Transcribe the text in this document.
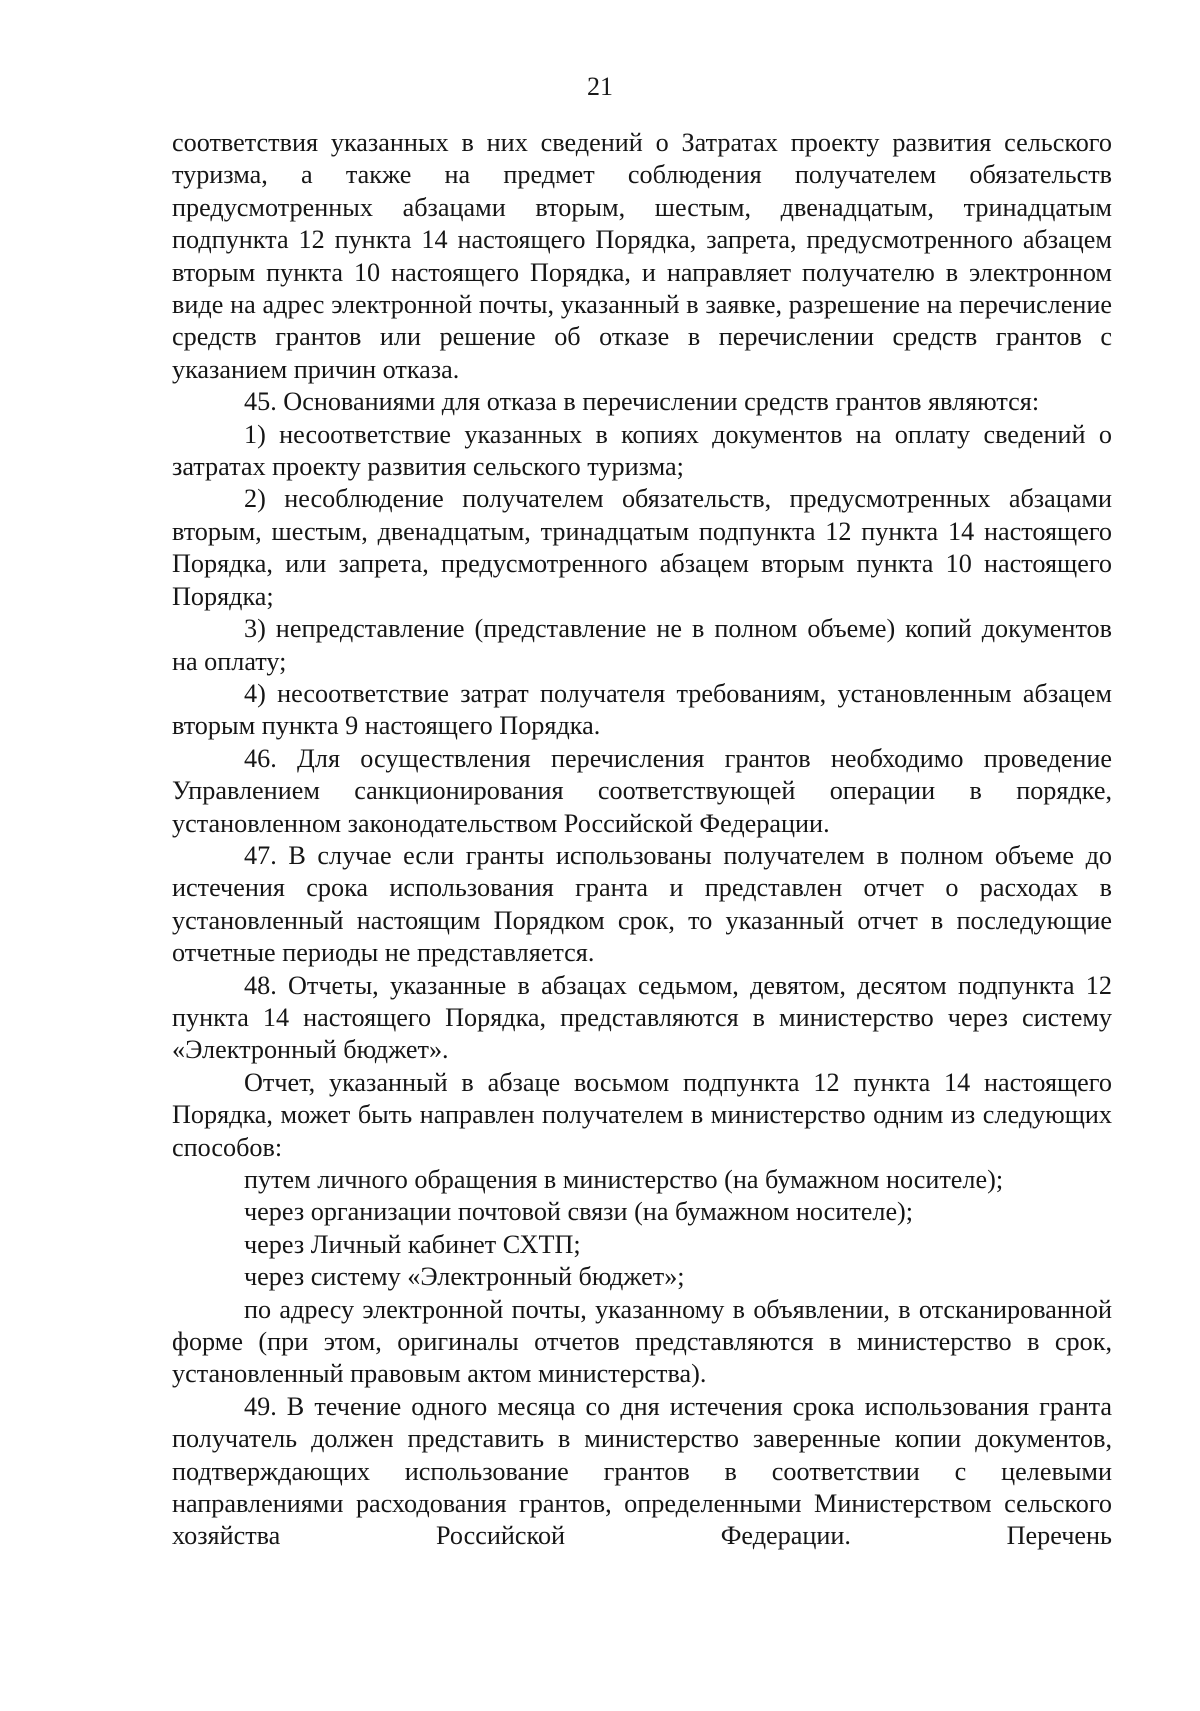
21

соответствия указанных в них сведений о Затратах проекту развития сельского туризма, а также на предмет соблюдения получателем обязательств предусмотренных абзацами вторым, шестым, двенадцатым, тринадцатым подпункта 12 пункта 14 настоящего Порядка, запрета, предусмотренного абзацем вторым пункта 10 настоящего Порядка, и направляет получателю в электронном виде на адрес электронной почты, указанный в заявке, разрешение на перечисление средств грантов или решение об отказе в перечислении средств грантов с указанием причин отказа.

45. Основаниями для отказа в перечислении средств грантов являются:

1) несоответствие указанных в копиях документов на оплату сведений о затратах проекту развития сельского туризма;

2) несоблюдение получателем обязательств, предусмотренных абзацами вторым, шестым, двенадцатым, тринадцатым подпункта 12 пункта 14 настоящего Порядка, или запрета, предусмотренного абзацем вторым пункта 10 настоящего Порядка;

3) непредставление (представление не в полном объеме) копий документов на оплату;

4) несоответствие затрат получателя требованиям, установленным абзацем вторым пункта 9 настоящего Порядка.

46. Для осуществления перечисления грантов необходимо проведение Управлением санкционирования соответствующей операции в порядке, установленном законодательством Российской Федерации.

47. В случае если гранты использованы получателем в полном объеме до истечения срока использования гранта и представлен отчет о расходах в установленный настоящим Порядком срок, то указанный отчет в последующие отчетные периоды не представляется.

48. Отчеты, указанные в абзацах седьмом, девятом, десятом подпункта 12 пункта 14 настоящего Порядка, представляются в министерство через систему «Электронный бюджет».

Отчет, указанный в абзаце восьмом подпункта 12 пункта 14 настоящего Порядка, может быть направлен получателем в министерство одним из следующих способов:

путем личного обращения в министерство (на бумажном носителе);

через организации почтовой связи (на бумажном носителе);

через Личный кабинет СХТП;

через систему «Электронный бюджет»;

по адресу электронной почты, указанному в объявлении, в отсканированной форме (при этом, оригиналы отчетов представляются в министерство в срок, установленный правовым актом министерства).

49. В течение одного месяца со дня истечения срока использования гранта получатель должен представить в министерство заверенные копии документов, подтверждающих использование грантов в соответствии с целевыми направлениями расходования грантов, определенными Министерством сельского хозяйства Российской Федерации. Перечень
